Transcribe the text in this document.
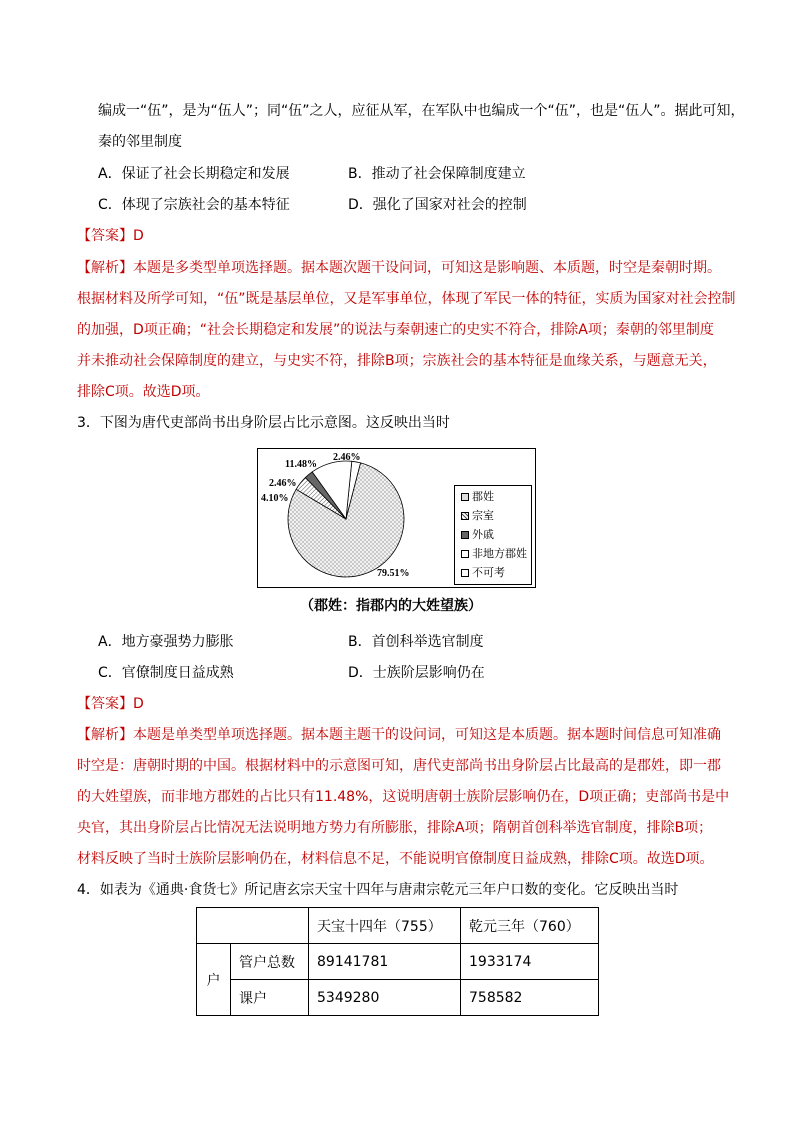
编成一“伍”，是为“伍人”；同“伍”之人，应征从军，在军队中也编成一个“伍”，也是“伍人”。据此可知，
秦的邻里制度
A．保证了社会长期稳定和发展	B．推动了社会保障制度建立
C．体现了宗族社会的基本特征	D．强化了国家对社会的控制
【答案】D
【解析】本题是多类型单项选择题。据本题次题干设问词，可知这是影响题、本质题，时空是秦朝时期。
根据材料及所学可知，“伍”既是基层单位，又是军事单位，体现了军民一体的特征，实质为国家对社会控制
的加强，D项正确；“社会长期稳定和发展”的说法与秦朝速亡的史实不符合，排除A项；秦朝的邻里制度
并未推动社会保障制度的建立，与史实不符，排除B项；宗族社会的基本特征是血缘关系，与题意无关，
排除C项。故选D项。
3．下图为唐代吏部尚书出身阶层占比示意图。这反映出当时
11.48%
2.46%
2.46%
4.10%
79.51%
郡姓
宗室
外戚
非地方郡姓
不可考
（郡姓：指郡内的大姓望族）
A．地方豪强势力膨胀	B．首创科举选官制度
C．官僚制度日益成熟	D．士族阶层影响仍在
【答案】D
【解析】本题是单类型单项选择题。据本题主题干的设问词，可知这是本质题。据本题时间信息可知准确
时空是：唐朝时期的中国。根据材料中的示意图可知，唐代吏部尚书出身阶层占比最高的是郡姓，即一郡
的大姓望族，而非地方郡姓的占比只有11.48%，这说明唐朝士族阶层影响仍在，D项正确；吏部尚书是中
央官，其出身阶层占比情况无法说明地方势力有所膨胀，排除A项；隋朝首创科举选官制度，排除B项；
材料反映了当时士族阶层影响仍在，材料信息不足，不能说明官僚制度日益成熟，排除C项。故选D项。
4．如表为《通典·食货七》所记唐玄宗天宝十四年与唐肃宗乾元三年户口数的变化。它反映出当时
		天宝十四年（755）	乾元三年（760）
户	管户总数	89141781	1933174
	课户	5349280	758582
